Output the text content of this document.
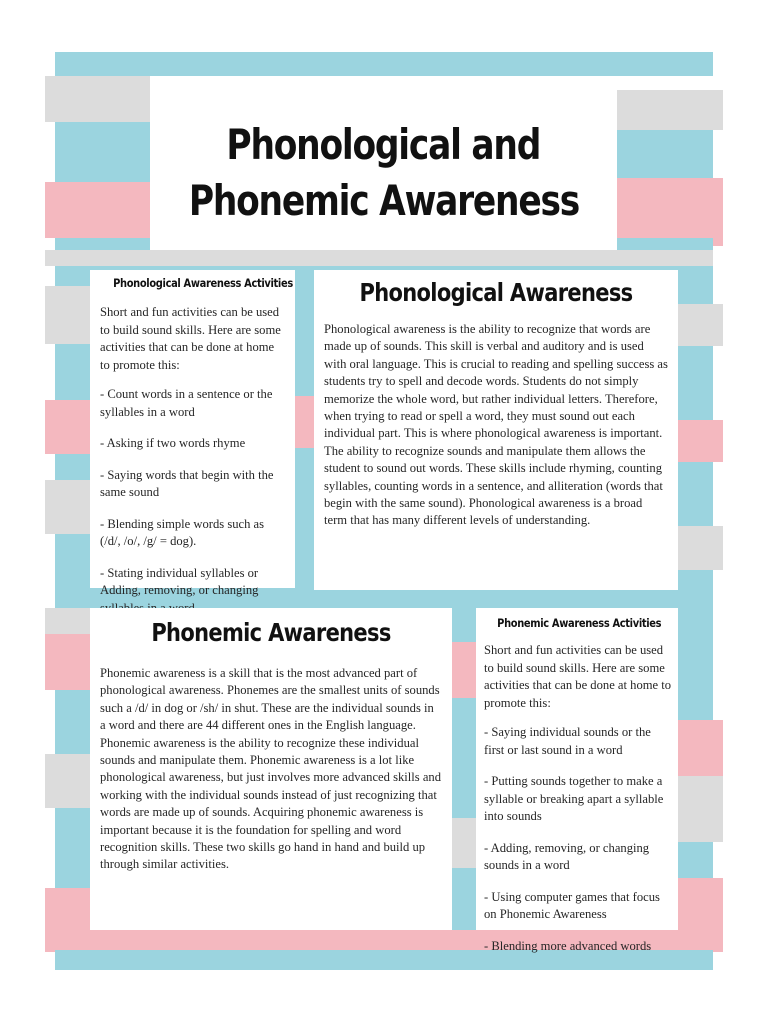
Phonological and
Phonemic Awareness
Phonological Awareness Activities

Short and fun activities can be used to build sound skills. Here are some activities that can be done at home to promote this:

- Count words in a sentence or the syllables in a word

- Asking if two words rhyme

- Saying words that begin with the same sound

- Blending simple words such as (/d/, /o/, /g/ = dog).

- Stating individual syllables or Adding, removing, or changing

Phonological Awareness
Phonological awareness is the ability to recognize that words are made up of sounds. This skill is verbal and auditory and is used with oral language. This is crucial to reading and spelling success as students try to spell and decode words. Students do not simply memorize the whole word, but rather individual letters. Therefore, when trying to read or spell a word, they must sound out each individual part. This is where phonological awareness is important. The ability to recognize sounds and manipulate them allows the student to sound out words. These skills include rhyming, counting syllables, counting words in a sentence, and alliteration (words that begin with the same sound). Phonological awareness is a broad term that has many different levels of understanding.
Phonemic Awareness
Phonemic awareness is a skill that is the most advanced part of phonological awareness. Phonemes are the smallest units of sounds such a /d/ in dog or /sh/ in shut. These are the individual sounds in a word and there are 44 different ones in the English language. Phonemic awareness is the ability to recognize these individual sounds and manipulate them. Phonemic awareness is a lot like phonological awareness, but just involves more advanced skills and working with the individual sounds instead of just recognizing that words are made up of sounds. Acquiring phonemic awareness is important because it is the foundation for spelling and word recognition skills. These two skills go hand in hand and build up through similar activities.
Phonemic Awareness Activities

Short and fun activities can be used to build sound skills. Here are some activities that can be done at home to promote this:

- Saying individual sounds or the first or last sound in a word

- Putting sounds together to make a syllable or breaking apart a syllable into sounds

- Adding, removing, or changing sounds in a word

- Using computer games that focus on Phonemic Awareness

- Blending more advanced words
